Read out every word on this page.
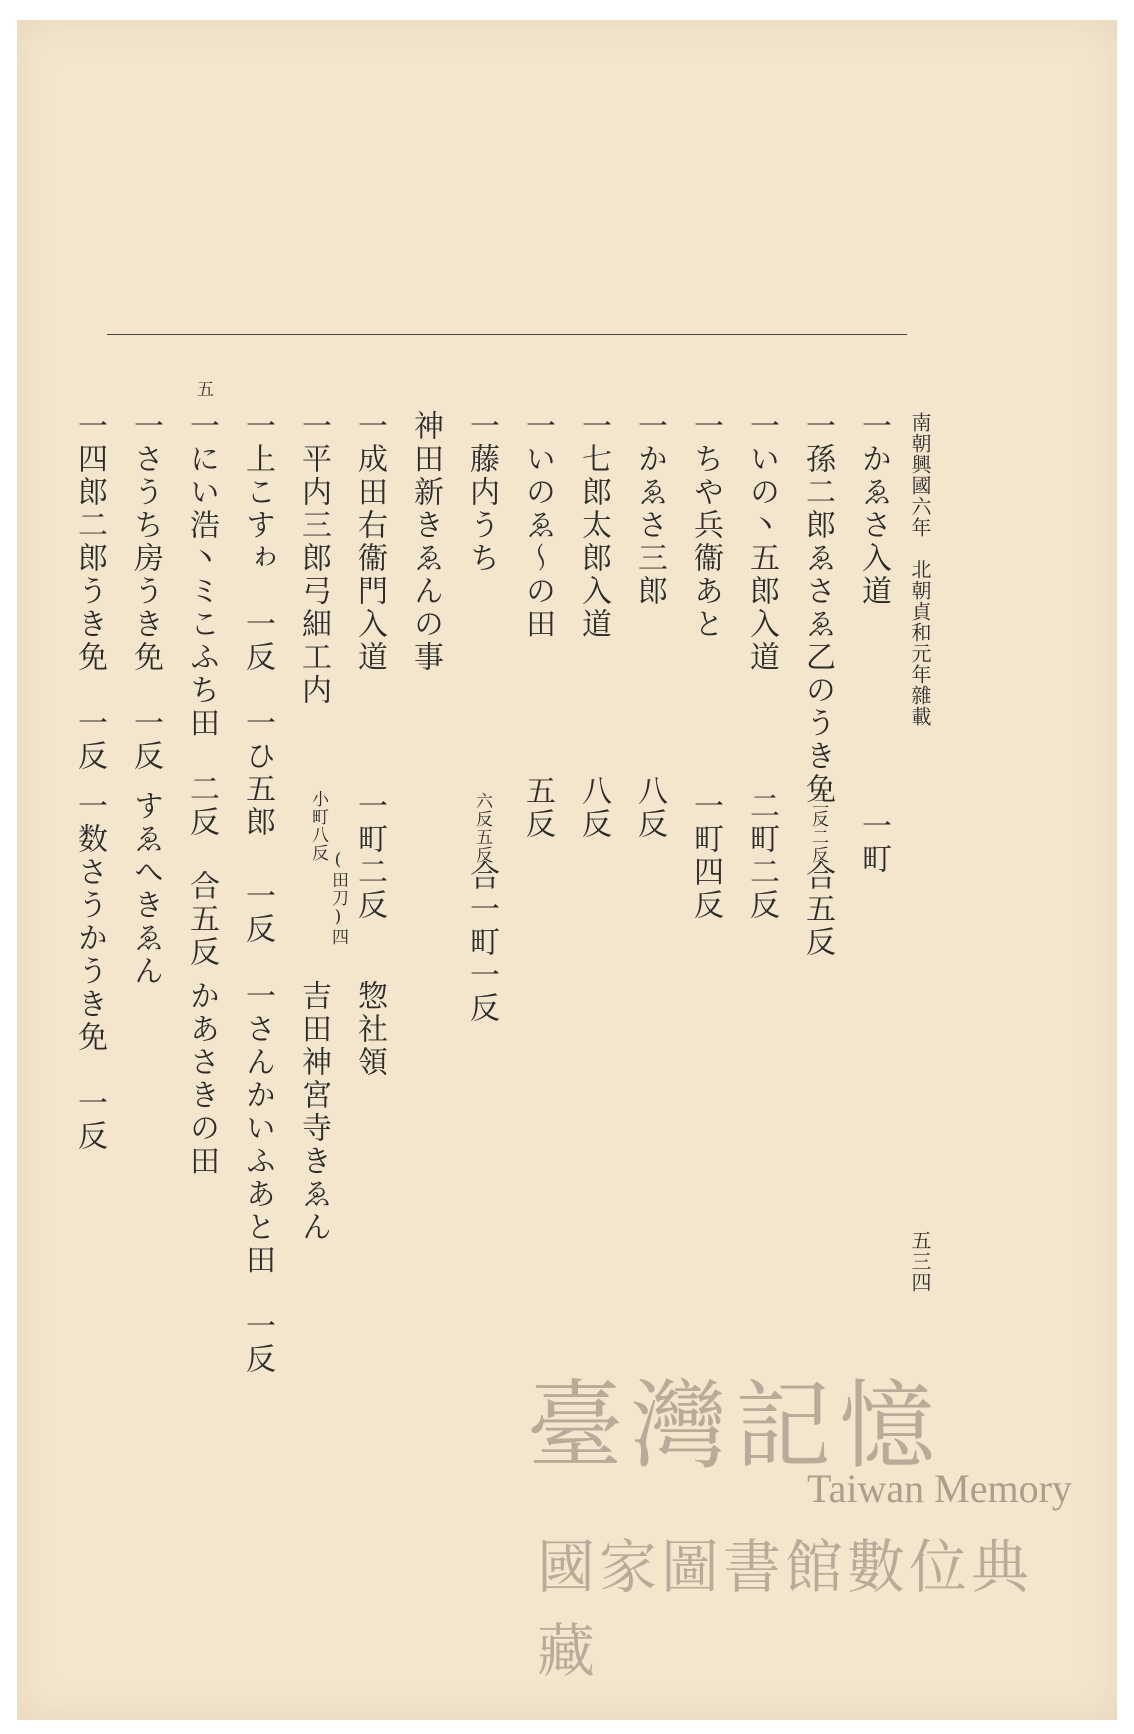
南朝興國六年　北朝貞和元年雜載
五三四
一かゑさ入道
一町
一孫二郎ゑさゑ乙のうき免
三反二反
合五反
一いの丶五郎入道
二町二反
一ちや兵衞あと
一町四反
一かゑさ三郎
八反
一七郎太郎入道
八反
一いのゑ〜の田
五反
一藤内うち
六反五反
合一町一反
神田新きゑんの事
一成田右衞門入道
一町二反
惣社領
一平内三郎弓細工内
小町八反
(田刀)四
吉田神宮寺きゑん
一上こすゎ　一反　一ひ五郎
一反
一さんかいふあと田　一反
一にい浩丶ミこふち田　二反
合五反
かあさきの田
五
一さうち房うき免　一反
すゑへきゑん
一四郎二郎うき免　一反
一数さうかうき免　一反
臺灣記憶
Taiwan Memory
國家圖書館數位典藏
